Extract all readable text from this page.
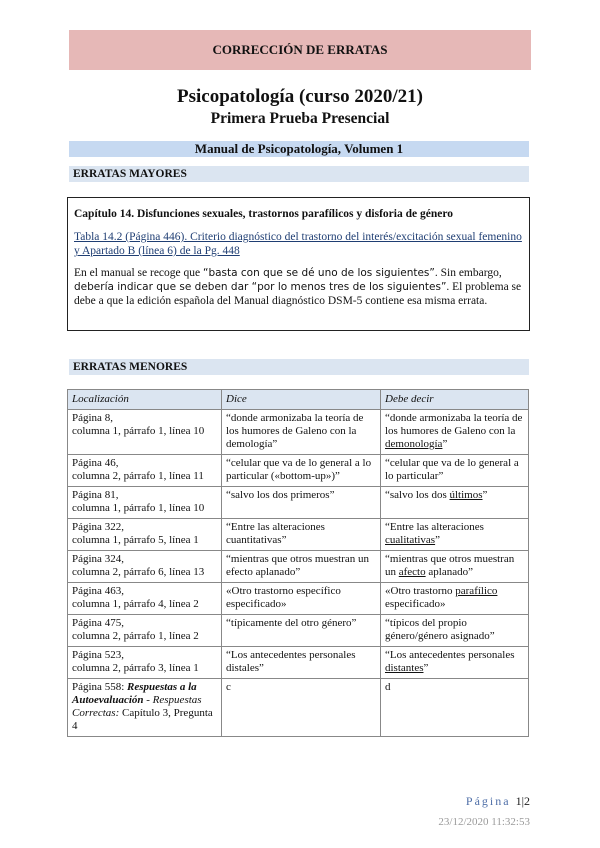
CORRECCIÓN DE ERRATAS
Psicopatología (curso 2020/21)
Primera Prueba Presencial
Manual de Psicopatología, Volumen 1
ERRATAS MAYORES
Capítulo 14. Disfunciones sexuales, trastornos parafílicos y disforia de género
Tabla 14.2 (Página 446). Criterio diagnóstico del trastorno del interés/excitación sexual femenino y Apartado B (línea 6) de la Pg. 448
En el manual se recoge que “basta con que se dé uno de los siguientes”. Sin embargo, debería indicar que se deben dar “por lo menos tres de los siguientes”. El problema se debe a que la edición española del Manual diagnóstico DSM-5 contiene esa misma errata.
ERRATAS MENORES
Localización	Dice	Debe decir
Página 8,
columna 1, párrafo 1, línea 10	“donde armonizaba la teoría de los humores de Galeno con la demología”	“donde armonizaba la teoría de los humores de Galeno con la demonología”
Página 46,
columna 2, párrafo 1, línea 11	“celular que va de lo general a lo particular («bottom-up»)”	“celular que va de lo general a lo particular”
Página 81,
columna 1, párrafo 1, línea 10	“salvo los dos primeros”	“salvo los dos últimos”
Página 322,
columna 1, párrafo 5, línea 1	“Entre las alteraciones cuantitativas”	“Entre las alteraciones cualitativas”
Página 324,
columna 2, párrafo 6, línea 13	“mientras que otros muestran un efecto aplanado”	“mientras que otros muestran un afecto aplanado”
Página 463,
columna 1, párrafo 4, línea 2	«Otro trastorno específico especificado»	«Otro trastorno parafílico especificado»
Página 475,
columna 2, párrafo 1, línea 2	“típicamente del otro género”	“típicos del propio género/género asignado”
Página 523,
columna 2, párrafo 3, línea 1	“Los antecedentes personales distales”	“Los antecedentes personales distantes”
Página 558: Respuestas a la Autoevaluación - Respuestas Correctas: Capítulo 3, Pregunta 4	c	d
Página 1|2
23/12/2020 11:32:53
